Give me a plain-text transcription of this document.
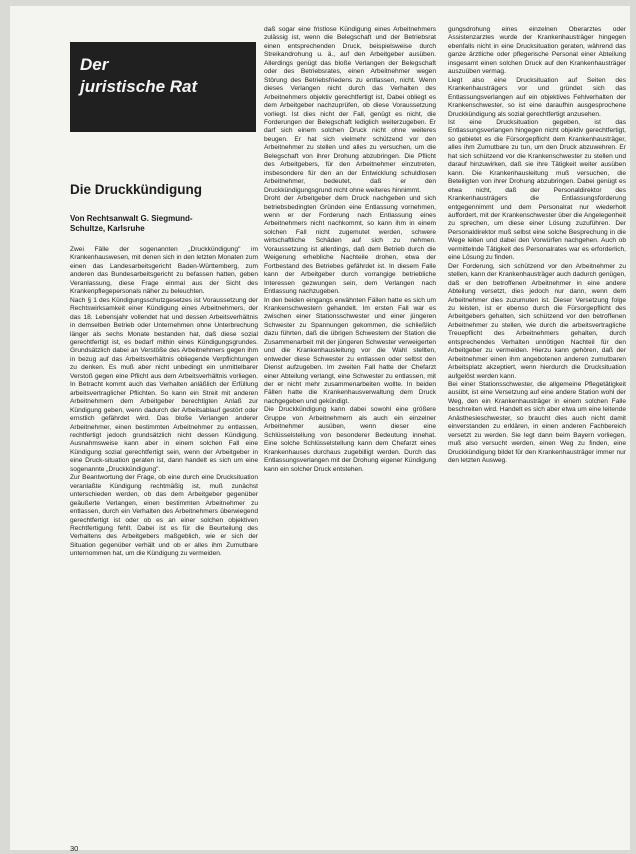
Der
juristische Rat
Die Druckkündigung
Von Rechtsanwalt G. Siegmund-
Schultze, Karlsruhe

Zwei Fälle der sogenannten „Druckkündigung" im Krankenhauswesen, mit denen sich in den letzten Monaten zum einen das Landesarbeitsgericht Baden-Württemberg, zum anderen das Bundesarbeitsgericht zu befassen hatten, geben Veranlassung, diese Frage einmal aus der Sicht des Krankenpflegepersonals näher zu beleuchten.

Nach § 1 des Kündigungsschutzgesetzes ist Voraussetzung der Rechtswirksamkeit einer Kündigung eines Arbeitnehmers, der das 18. Lebensjahr vollendet hat und dessen Arbeitsverhältnis in demselben Betrieb oder Unternehmen ohne Unterbrechung länger als sechs Monate bestanden hat, daß diese sozial gerechtfertigt ist, es bedarf mithin eines Kündigungsgrundes. Grundsätzlich dabei an Verstöße des Arbeitnehmers gegen ihm in bezug auf das Arbeitsverhältnis obliegende Verpflichtungen zu denken. Es muß aber nicht unbedingt ein unmittelbarer Verstoß gegen eine Pflicht aus dem Arbeitsverhältnis vorliegen. In Betracht kommt auch das Verhalten anläßlich der Erfüllung arbeitsvertraglicher Pflichten. So kann ein Streit mit anderen Arbeitnehmern dem Arbeitgeber berechtigten Anlaß zur Kündigung geben, wenn dadurch der Arbeitsablauf gestört oder ernstlich gefährdet wird. Das bloße Verlangen anderer Arbeitnehmer, einen bestimmten Arbeitnehmer zu entlassen, rechtfertigt jedoch grundsätzlich nicht dessen Kündigung. Ausnahmsweise kann aber in einem solchen Fall eine Kündigung sozial gerechtfertigt sein, wenn der Arbeitgeber in eine Druck-situation geraten ist, dann handelt es sich um eine sogenannte „Druckkündigung".

Zur Beantwortung der Frage, ob eine durch eine Drucksituation veranlaßte Kündigung rechtmäßig ist, muß zunächst unterschieden werden, ob das dem Arbeitgeber gegenüber geäußerte Verlangen, einen bestimmten Arbeitnehmer zu entlassen, durch ein Verhalten des Arbeitnehmers überwiegend gerechtfertigt ist oder ob es an einer solchen objektiven Rechtfertigung fehlt. Dabei ist es für die Beurteilung des Verhaltens des Arbeitgebers maßgeblich, wie er sich der Situation gegenüber verhält und ob er alles ihm Zumutbare unternommen hat, um die Kündigung zu vermeiden.

daß sogar eine fristlose Kündigung eines Arbeitnehmers zulässig ist, wenn die Belegschaft und der Betriebsrat einen entsprechenden Druck, beispielsweise durch Streikandrohung u. ä., auf den Arbeitgeber ausüben. Allerdings genügt das bloße Verlangen der Belegschaft oder des Betriebsrates, einen Arbeitnehmer wegen Störung des Betriebsfriedens zu entlassen, nicht. Wenn dieses Verlangen nicht durch das Verhalten des Arbeitnehmers objektiv gerechtfertigt ist, Dabei obliegt es dem Arbeitgeber nachzuprüfen, ob diese Voraussetzung vorliegt. Ist dies nicht der Fall, genügt es nicht, die Forderungen der Belegschaft lediglich weiterzugeben. Er darf sich einem solchen Druck nicht ohne weiteres beugen. Er hat sich vielmehr schützend vor den Arbeitnehmer zu stellen und alles zu versuchen, um die Belegschaft von ihrer Drohung abzubringen. Die Pflicht des Arbeitgebers, für den Arbeitnehmer einzutreten, insbesondere für den an der Entwicklung schuldlosen Arbeitnehmer, bedeutet, daß er den Druckkündigungsgrund nicht ohne weiteres hinnimmt.

Droht der Arbeitgeber dem Druck nachgeben und sich betriebsbedingten Gründen eine Entlassung vornehmen, wenn er der Forderung nach Entlassung eines Arbeitnehmers nicht nachkommt, so kann ihm in einem solchen Fall nicht zugemutet werden, schwere wirtschaftliche Schäden auf sich zu nehmen. Voraussetzung ist allerdings, daß dem Betrieb durch die Weigerung erhebliche Nachteile drohen, etwa der Fortbestand des Betriebes gefährdet ist. In diesem Falle kann der Arbeitgeber durch vorrangige betriebliche Interessen gezwungen sein, dem Verlangen nach Entlassung nachzugeben.

In den beiden eingangs erwähnten Fällen hatte es sich um Krankenschwestern gehandelt. Im ersten Fall war es zwischen einer Stationsschwester und einer jüngeren Schwester zu Spannungen gekommen, die schließlich dazu führten, daß die übrigen Schwestern der Station die Zusammenarbeit mit der jüngeren Schwester verweigerten und die Krankenhausleitung vor die Wahl stellten, entweder diese Schwester zu entlassen oder selbst den Dienst aufzugeben. Im zweiten Fall hatte der Chefarzt einer Abteilung verlangt, eine Schwester zu entlassen, mit der er nicht mehr zusammenarbeiten wollte. In beiden Fällen hatte die Krankenhausverwaltung dem Druck nachgegeben und gekündigt.

Die Druckkündigung kann dabei sowohl eine größere Gruppe von Arbeitnehmern als auch ein einzelner Arbeitnehmer ausüben, wenn dieser eine Schlüsselstellung von besonderer Bedeutung innehat. Eine solche Schlüsselstellung kann dem Chefarzt eines Krankenhauses durchaus zugebilligt werden. Durch das Entlassungsverlangen mit der Drohung eigener Kündigung kann ein solcher Druck entstehen.

gungsdrohung eines einzelnen Oberarztes oder Assistenzarztes wurde der Krankenhausträger hingegen ebenfalls nicht in eine Drucksituation geraten, während das ganze ärztliche oder pflegerische Personal einer Abteilung insgesamt einen solchen Druck auf den Krankenhausträger auszuüben vermag.

Liegt also eine Drucksituation auf Seiten des Krankenhausträgers vor und gründet sich das Entlassungsverlangen auf ein objektives Fehlverhalten der Krankenschwester, so ist eine daraufhin ausgesprochene Druckkündigung als sozial gerechtfertigt anzusehen.

Ist eine Drucksituation gegeben, ist das Entlassungsverlangen hingegen nicht objektiv gerechtfertigt, so gebietet es die Fürsorgepflicht dem Krankenhausträger, alles ihm Zumutbare zu tun, um den Druck abzuwehren. Er hat sich schützend vor die Krankenschwester zu stellen und darauf hinzuwirken, daß sie ihre Tätigkeit weiter ausüben kann. Die Krankenhausleitung muß versuchen, die Beteiligten von ihrer Drohung abzubringen. Dabei genügt es etwa nicht, daß der Personaldirektor des Krankenhausträgers die Entlassungsforderung entgegennimmt und dem Personalrat nur wiederholt auffordert, mit der Krankenschwester über die Angelegenheit zu sprechen, um diese einer Lösung zuzuführen. Der Personaldirektor muß selbst eine solche Besprechung in die Wege leiten und dabei den Vorwürfen nachgehen. Auch ob vermittelnde Tätigkeit des Personalrates war es erforderlich, eine Lösung zu finden.

Der Forderung, sich schützend vor den Arbeitnehmer zu stellen, kann der Krankenhausträger auch dadurch genügen, daß er den betroffenen Arbeitnehmer in eine andere Abteilung versetzt, dies jedoch nur dann, wenn dem Arbeitnehmer dies zuzumuten ist. Dieser Versetzung folge zu leisten, ist er ebenso durch die Fürsorgepflicht des Arbeitgebers gehalten, sich schützend vor den betroffenen Arbeitnehmer zu stellen, wie durch die arbeitsvertragliche Treuepflicht des Arbeitnehmers gehalten, durch entsprechendes Verhalten unnötigen Nachteil für den Arbeitgeber zu vermeiden. Hierzu kann gehören, daß der Arbeitnehmer einen ihm angebotenen anderen zumutbaren Arbeitsplatz akzeptiert, wenn hierdurch die Drucksituation aufgelöst werden kann.

Bei einer Stationsschwester, die allgemeine Pflegetätigkeit ausübt, ist eine Versetzung auf eine andere Station wohl der Weg, den ein Krankenhausträger in einem solchen Falle beschreiten wird. Handelt es sich aber etwa um eine leitende Anästhesieschwester, so braucht dies auch nicht damit einverstanden zu erklären, in einen anderen Fachbereich versetzt zu werden. Sie legt dann beim Bayern vorliegen, muß also versucht werden, einen Weg zu finden, eine Druckkündigung bildet für den Krankenhausträger immer nur den letzten Ausweg.

30
